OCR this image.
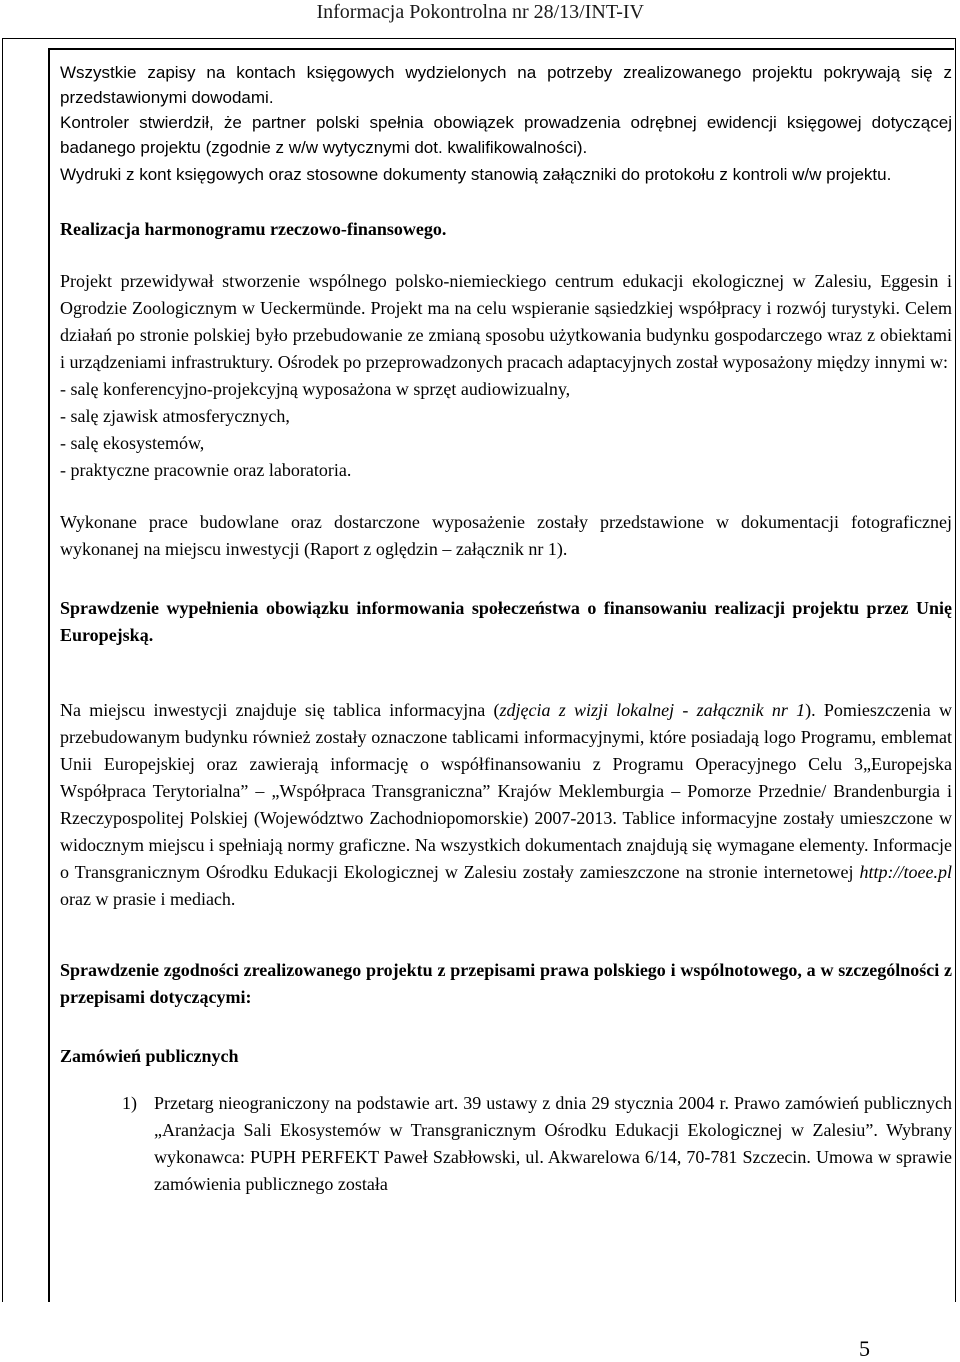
Informacja Pokontrolna nr 28/13/INT-IV

Wszystkie zapisy na kontach księgowych wydzielonych na potrzeby zrealizowanego projektu pokrywają się z przedstawionymi dowodami.

Kontroler stwierdził, że partner polski spełnia obowiązek prowadzenia odrębnej ewidencji księgowej dotyczącej badanego projektu (zgodnie z w/w wytycznymi dot. kwalifikowalności).

Wydruki z kont księgowych oraz stosowne dokumenty stanowią załączniki do protokołu z kontroli w/w projektu.

Realizacja harmonogramu rzeczowo-finansowego.

Projekt przewidywał stworzenie wspólnego polsko-niemieckiego centrum edukacji ekologicznej w Zalesiu, Eggesin i Ogrodzie Zoologicznym w Ueckermünde. Projekt ma na celu wspieranie sąsiedzkiej współpracy i rozwój turystyki. Celem działań po stronie polskiej było przebudowanie ze zmianą sposobu użytkowania budynku gospodarczego wraz z obiektami i urządzeniami infrastruktury. Ośrodek po przeprowadzonych pracach adaptacyjnych został wyposażony między innymi w:

- salę konferencyjno-projekcyjną wyposażona w sprzęt audiowizualny,

- salę zjawisk atmosferycznych,

- salę ekosystemów,

- praktyczne pracownie oraz laboratoria.

Wykonane prace budowlane oraz dostarczone wyposażenie zostały przedstawione w dokumentacji fotograficznej wykonanej na miejscu inwestycji (Raport z oględzin – załącznik nr 1).

Sprawdzenie wypełnienia obowiązku informowania społeczeństwa o finansowaniu realizacji projektu przez Unię Europejską.

Na miejscu inwestycji znajduje się tablica informacyjna (zdjęcia z wizji lokalnej - załącznik nr 1). Pomieszczenia w przebudowanym budynku również zostały oznaczone tablicami informacyjnymi, które posiadają logo Programu, emblemat Unii Europejskiej oraz zawierają informację o współfinansowaniu z Programu Operacyjnego Celu 3„Europejska Współpraca Terytorialna” – „Współpraca Transgraniczna” Krajów Meklemburgia – Pomorze Przednie/ Brandenburgia i Rzeczypospolitej Polskiej (Województwo Zachodniopomorskie) 2007-2013. Tablice informacyjne zostały umieszczone w widocznym miejscu i spełniają normy graficzne. Na wszystkich dokumentach znajdują się wymagane elementy. Informacje o Transgranicznym Ośrodku Edukacji Ekologicznej w Zalesiu zostały zamieszczone na stronie internetowej http://toee.pl oraz w prasie i mediach.

Sprawdzenie zgodności zrealizowanego projektu z przepisami prawa polskiego i wspólnotowego, a w szczególności z przepisami dotyczącymi:

Zamówień publicznych

1) Przetarg nieograniczony na podstawie art. 39 ustawy z dnia 29 stycznia 2004 r. Prawo zamówień publicznych „Aranżacja Sali Ekosystemów w Transgranicznym Ośrodku Edukacji Ekologicznej w Zalesiu”. Wybrany wykonawca: PUPH PERFEKT Paweł Szabłowski, ul. Akwarelowa 6/14, 70-781 Szczecin. Umowa w sprawie zamówienia publicznego została
5
